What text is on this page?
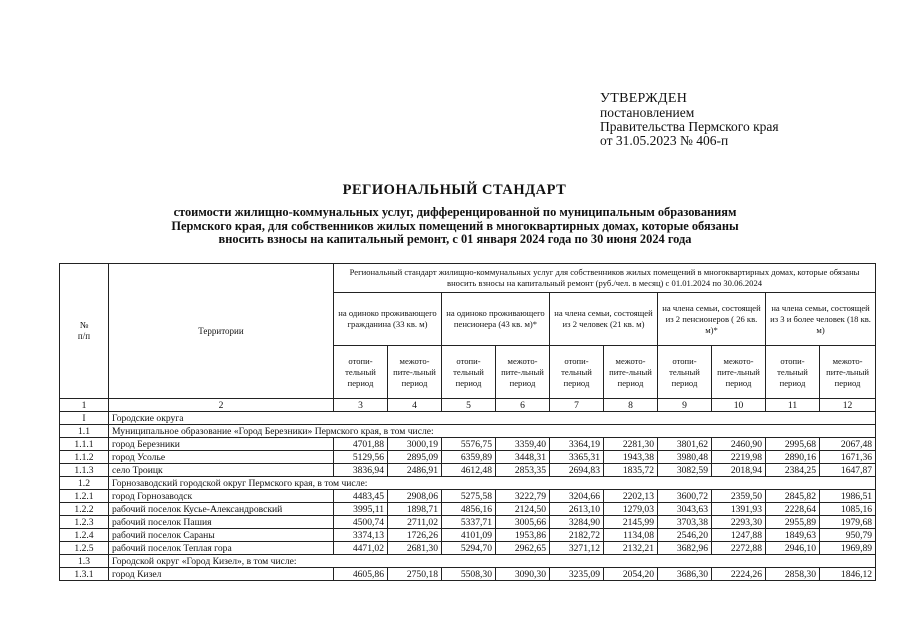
УТВЕРЖДЕН
постановлением
Правительства Пермского края
от 31.05.2023 № 406-п
РЕГИОНАЛЬНЫЙ СТАНДАРТ
стоимости жилищно-коммунальных услуг, дифференцированной по муниципальным образованиям
Пермского края, для собственников жилых помещений в многоквартирных домах, которые обязаны
вносить взносы на капитальный ремонт, с 01 января 2024 года по 30 июня 2024 года
№
п/п	Территории	Региональный стандарт жилищно-коммунальных услуг для собственников жилых помещений в многоквартирных домах, которые обязаны вносить взносы на капитальный ремонт (руб./чел. в месяц) с 01.01.2024 по 30.06.2024									
		на одиноко проживающего гражданина (33 кв. м)		на одиноко проживающего пенсионера (43 кв. м)*		на члена семьи, состоящей из 2 человек (21 кв. м)		на члена семьи, состоящей из 2 пенсионеров ( 26 кв. м)*		на члена семьи, состоящей из 3 и более человек (18 кв. м)	
		отопи-тельный период	межото-пите-льный период	отопи-тельный период	межото-пите-льный период	отопи-тельный период	межото-пите-льный период	отопи-тельный период	межото-пите-льный период	отопи-тельный период	межото-пите-льный период
1	2	3	4	5	6	7	8	9	10	11	12
I	Городские округа										
1.1	Муниципальное образование «Город Березники» Пермского края, в том числе:										
1.1.1	город Березники	4701,88	3000,19	5576,75	3359,40	3364,19	2281,30	3801,62	2460,90	2995,68	2067,48
1.1.2	город Усолье	5129,56	2895,09	6359,89	3448,31	3365,31	1943,38	3980,48	2219,98	2890,16	1671,36
1.1.3	село Троицк	3836,94	2486,91	4612,48	2853,35	2694,83	1835,72	3082,59	2018,94	2384,25	1647,87
1.2	Горнозаводский городской округ Пермского края, в том числе:										
1.2.1	город Горнозаводск	4483,45	2908,06	5275,58	3222,79	3204,66	2202,13	3600,72	2359,50	2845,82	1986,51
1.2.2	рабочий поселок Кусье-Александровский	3995,11	1898,71	4856,16	2124,50	2613,10	1279,03	3043,63	1391,93	2228,64	1085,16
1.2.3	рабочий поселок Пашия	4500,74	2711,02	5337,71	3005,66	3284,90	2145,99	3703,38	2293,30	2955,89	1979,68
1.2.4	рабочий поселок Сараны	3374,13	1726,26	4101,09	1953,86	2182,72	1134,08	2546,20	1247,88	1849,63	950,79
1.2.5	рабочий поселок Теплая гора	4471,02	2681,30	5294,70	2962,65	3271,12	2132,21	3682,96	2272,88	2946,10	1969,89
1.3	Городской округ «Город Кизел», в том числе:										
1.3.1	город Кизел	4605,86	2750,18	5508,30	3090,30	3235,09	2054,20	3686,30	2224,26	2858,30	1846,12
